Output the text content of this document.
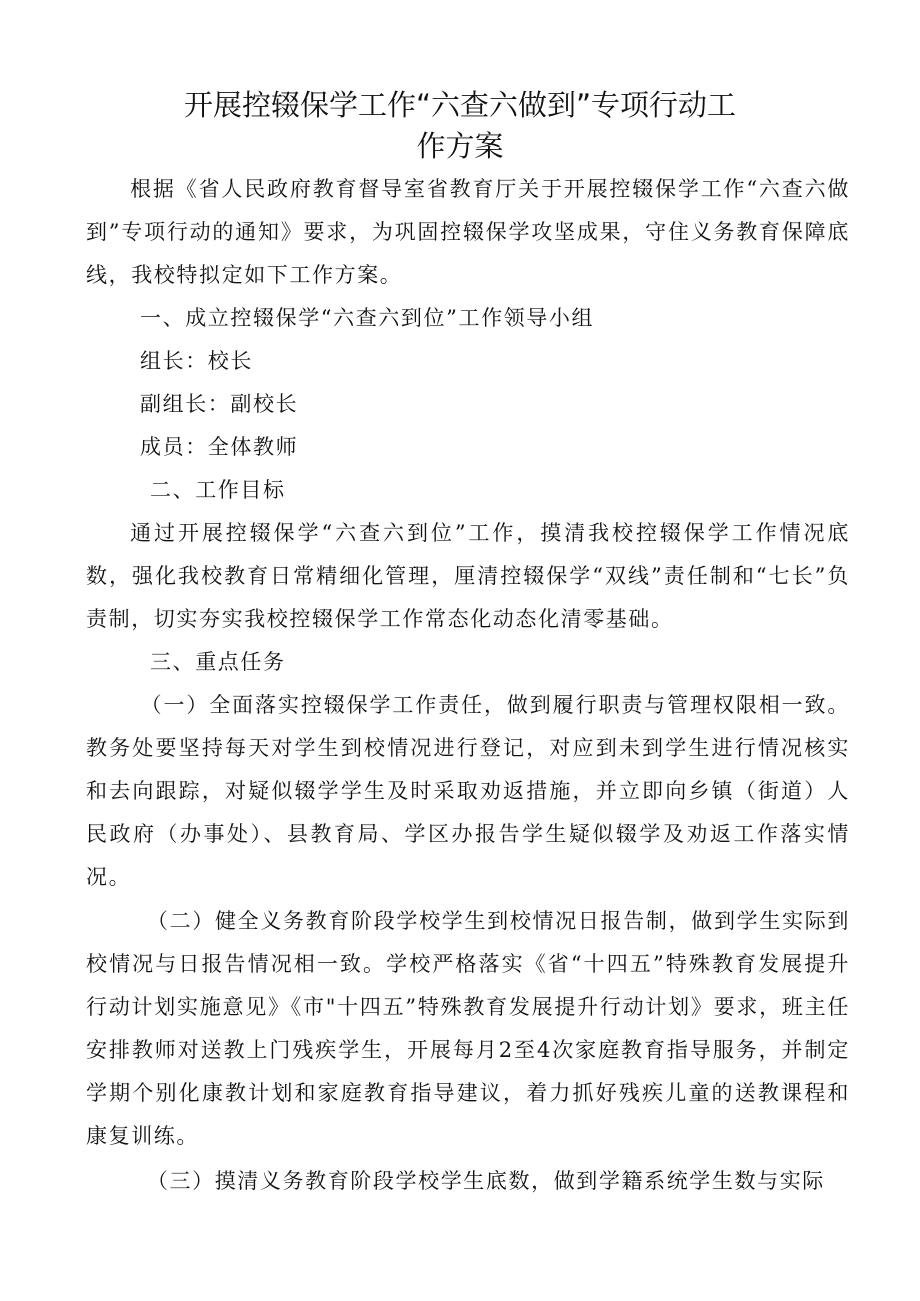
开展控辍保学工作“六查六做到”专项行动工
作方案

根据《省人民政府教育督导室省教育厅关于开展控辍保学工作“六查六做到”专项行动的通知》要求，为巩固控辍保学攻坚成果，守住义务教育保障底线，我校特拟定如下工作方案。

一、成立控辍保学“六查六到位”工作领导小组

组长：校长

副组长：副校长

成员：全体教师

二、工作目标

通过开展控辍保学“六查六到位”工作，摸清我校控辍保学工作情况底数，强化我校教育日常精细化管理，厘清控辍保学“双线”责任制和“七长”负责制，切实夯实我校控辍保学工作常态化动态化清零基础。

三、重点任务

（一）全面落实控辍保学工作责任，做到履行职责与管理权限相一致。教务处要坚持每天对学生到校情况进行登记，对应到未到学生进行情况核实和去向跟踪，对疑似辍学学生及时采取劝返措施，并立即向乡镇（街道）人民政府（办事处）、县教育局、学区办报告学生疑似辍学及劝返工作落实情况。

（二）健全义务教育阶段学校学生到校情况日报告制，做到学生实际到校情况与日报告情况相一致。学校严格落实《省“十四五”特殊教育发展提升行动计划实施意见》《市"十四五”特殊教育发展提升行动计划》要求，班主任安排教师对送教上门残疾学生，开展每月2至4次家庭教育指导服务，并制定学期个别化康教计划和家庭教育指导建议，着力抓好残疾儿童的送教课程和康复训练。

（三）摸清义务教育阶段学校学生底数，做到学籍系统学生数与实际
